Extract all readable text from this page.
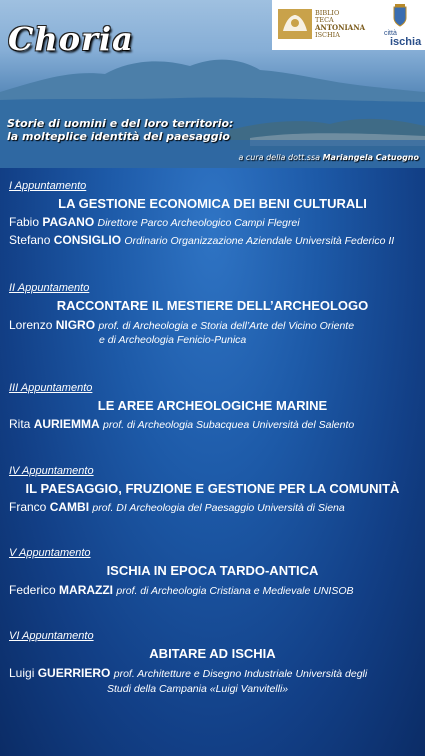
Choria
BIBLIO
TECA
ANTONIANA
ISCHIA	città
ischia
Storie di uomini e del loro territorio:
la molteplice identità del paesaggio
a cura della dott.ssa Mariangela Catuogno
I Appuntamento
LA GESTIONE ECONOMICA DEI BENI CULTURALI
Fabio PAGANO Direttore Parco Archeologico Campi Flegrei
Stefano CONSIGLIO Ordinario Organizzazione Aziendale Università Federico II
II Appuntamento
RACCONTARE IL MESTIERE DELL’ARCHEOLOGO
Lorenzo NIGRO prof. di Archeologia e Storia dell’Arte del Vicino Oriente
e di Archeologia Fenicio-Punica
III Appuntamento
LE AREE ARCHEOLOGICHE MARINE
Rita AURIEMMA prof. di Archeologia Subacquea Università del Salento
IV Appuntamento
IL PAESAGGIO, FRUZIONE E GESTIONE PER LA COMUNITÀ
Franco CAMBI prof. DI Archeologia del Paesaggio Università di Siena
V Appuntamento
ISCHIA IN EPOCA TARDO-ANTICA
Federico MARAZZI prof. di Archeologia Cristiana e Medievale UNISOB
VI Appuntamento
ABITARE AD ISCHIA
Luigi GUERRIERO prof. Architetture e Disegno Industriale Università degli
Studi della Campania «Luigi Vanvitelli»
